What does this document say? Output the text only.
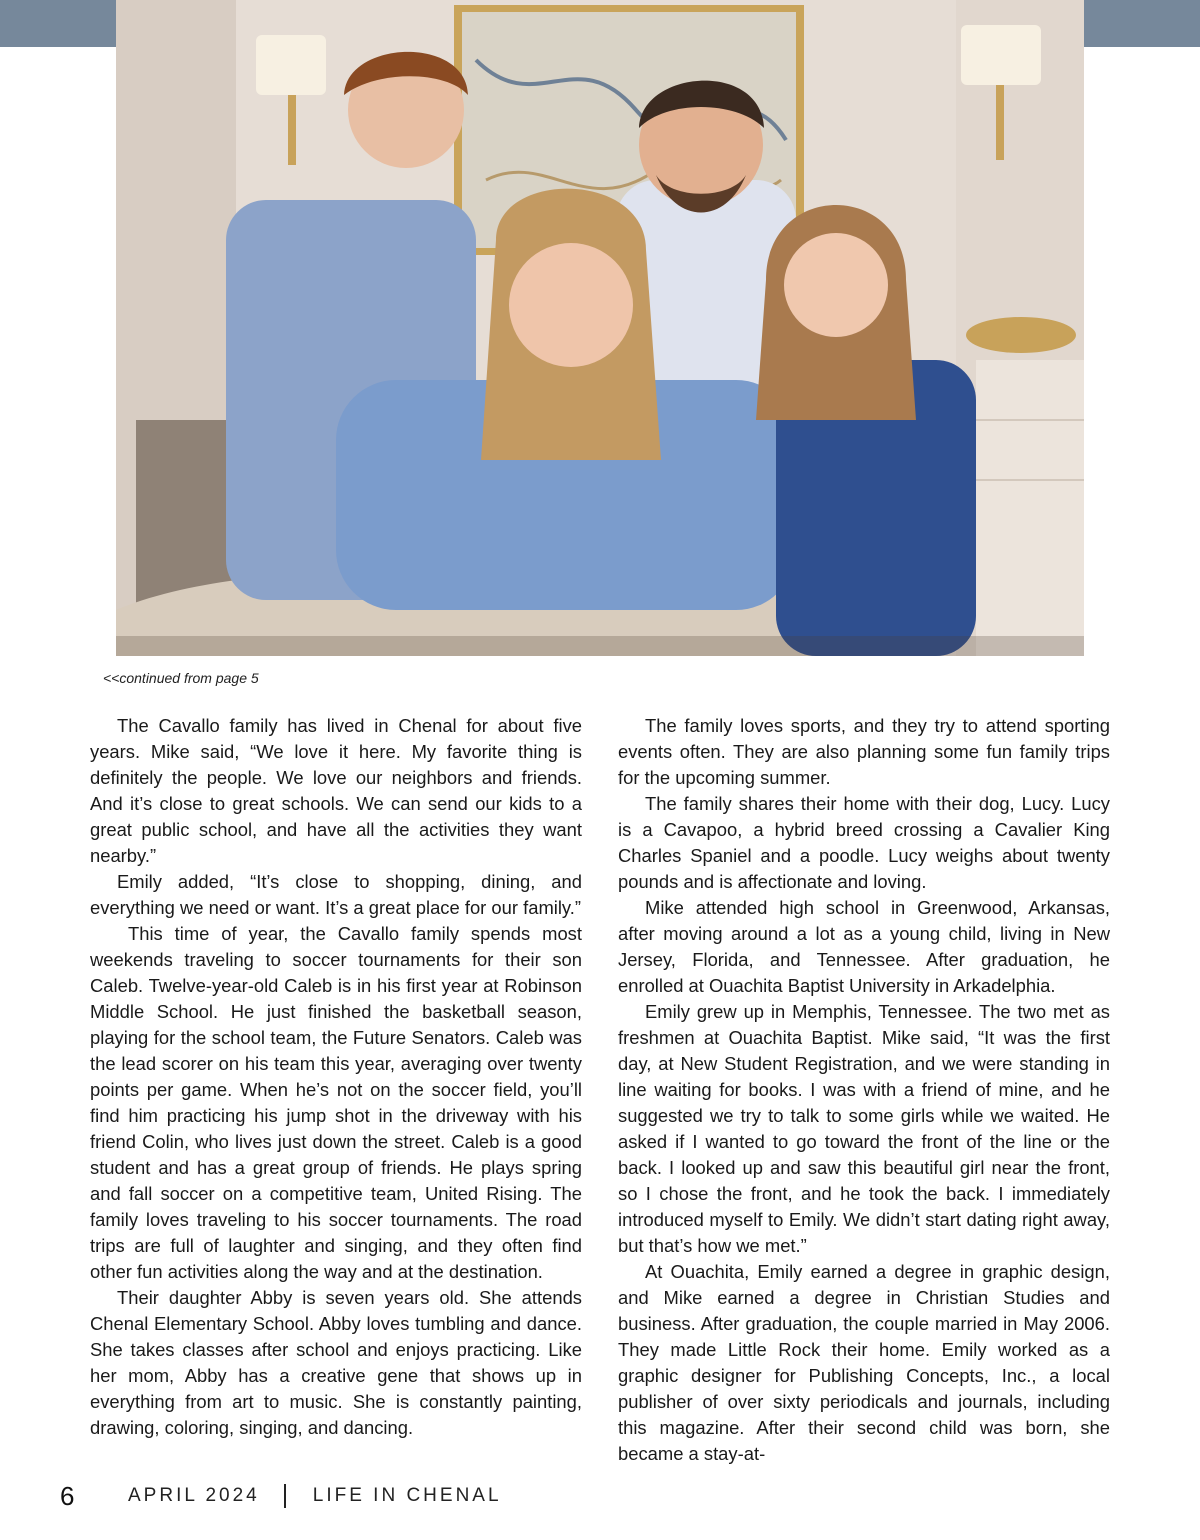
<<continued from page 5

The Cavallo family has lived in Chenal for about five years. Mike said, “We love it here. My favorite thing is definitely the people. We love our neighbors and friends. And it’s close to great schools. We can send our kids to a great public school, and have all the activities they want nearby.”

Emily added, “It’s close to shopping, dining, and everything we need or want. It’s a great place for our family.”

This time of year, the Cavallo family spends most weekends traveling to soccer tournaments for their son Caleb. Twelve-year-old Caleb is in his first year at Robinson Middle School. He just finished the basketball season, playing for the school team, the Future Senators. Caleb was the lead scorer on his team this year, averaging over twenty points per game. When he’s not on the soccer field, you’ll find him practicing his jump shot in the driveway with his friend Colin, who lives just down the street. Caleb is a good student and has a great group of friends. He plays spring and fall soccer on a competitive team, United Rising. The family loves traveling to his soccer tournaments. The road trips are full of laughter and singing, and they often find other fun activities along the way and at the destination.

Their daughter Abby is seven years old. She attends Chenal Elementary School. Abby loves tumbling and dance. She takes classes after school and enjoys practicing. Like her mom, Abby has a creative gene that shows up in everything from art to music. She is constantly painting, drawing, coloring, singing, and dancing.

The family loves sports, and they try to attend sporting events often. They are also planning some fun family trips for the upcoming summer.

The family shares their home with their dog, Lucy. Lucy is a Cavapoo, a hybrid breed crossing a Cavalier King Charles Spaniel and a poodle. Lucy weighs about twenty pounds and is affectionate and loving.

Mike attended high school in Greenwood, Arkansas, after moving around a lot as a young child, living in New Jersey, Florida, and Tennessee. After graduation, he enrolled at Ouachita Baptist University in Arkadelphia.

Emily grew up in Memphis, Tennessee. The two met as freshmen at Ouachita Baptist. Mike said, “It was the first day, at New Student Registration, and we were standing in line waiting for books. I was with a friend of mine, and he suggested we try to talk to some girls while we waited. He asked if I wanted to go toward the front of the line or the back. I looked up and saw this beautiful girl near the front, so I chose the front, and he took the back. I immediately introduced myself to Emily. We didn’t start dating right away, but that’s how we met.”

At Ouachita, Emily earned a degree in graphic design, and Mike earned a degree in Christian Studies and business. After graduation, the couple married in May 2006. They made Little Rock their home. Emily worked as a graphic designer for Publishing Concepts, Inc., a local publisher of over sixty periodicals and journals, including this magazine. After their second child was born, she became a stay-at-

6	APRIL 2024	LIFE IN CHENAL
